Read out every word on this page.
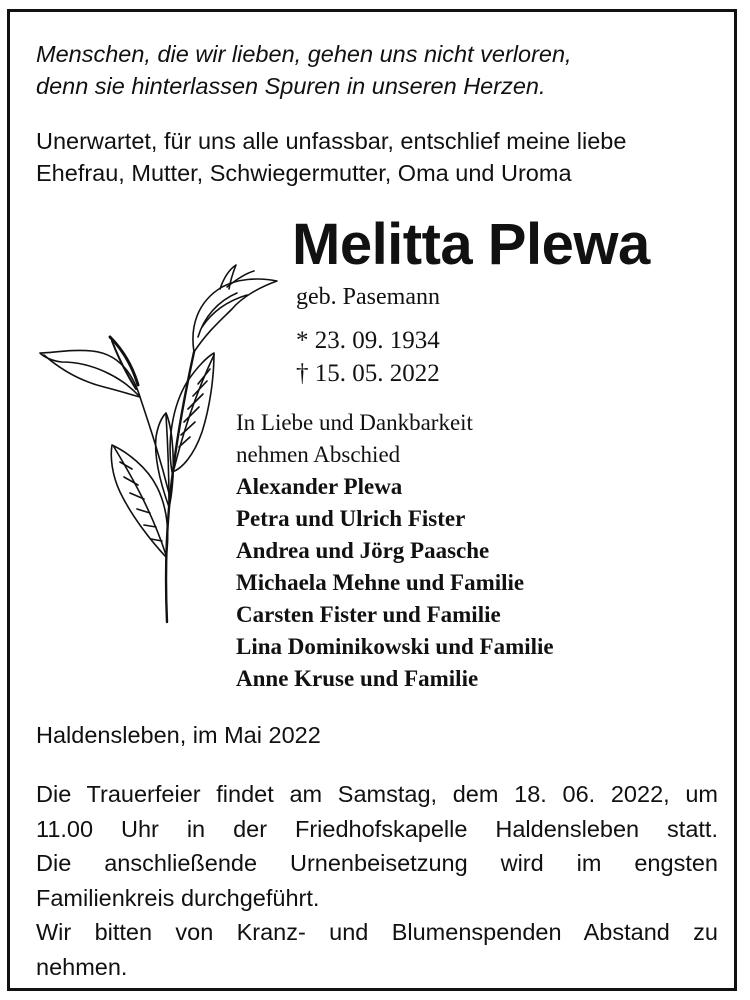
Menschen, die wir lieben, gehen uns nicht verloren,
denn sie hinterlassen Spuren in unseren Herzen.

Unerwartet, für uns alle unfassbar, entschlief meine liebe
Ehefrau, Mutter, Schwiegermutter, Oma und Uroma

Melitta Plewa
geb. Pasemann
* 23. 09. 1934
† 15. 05. 2022
In Liebe und Dankbarkeit
nehmen Abschied
Alexander Plewa
Petra und Ulrich Fister
Andrea und Jörg Paasche
Michaela Mehne und Familie
Carsten Fister und Familie
Lina Dominikowski und Familie
Anne Kruse und Familie
Haldensleben, im Mai 2022

Die Trauerfeier findet am Samstag, dem 18. 06. 2022, um
11.00 Uhr in der Friedhofskapelle Haldensleben statt.
Die anschließende Urnenbeisetzung wird im engsten
Familienkreis durchgeführt.
Wir bitten von Kranz- und Blumenspenden Abstand zu
nehmen.
